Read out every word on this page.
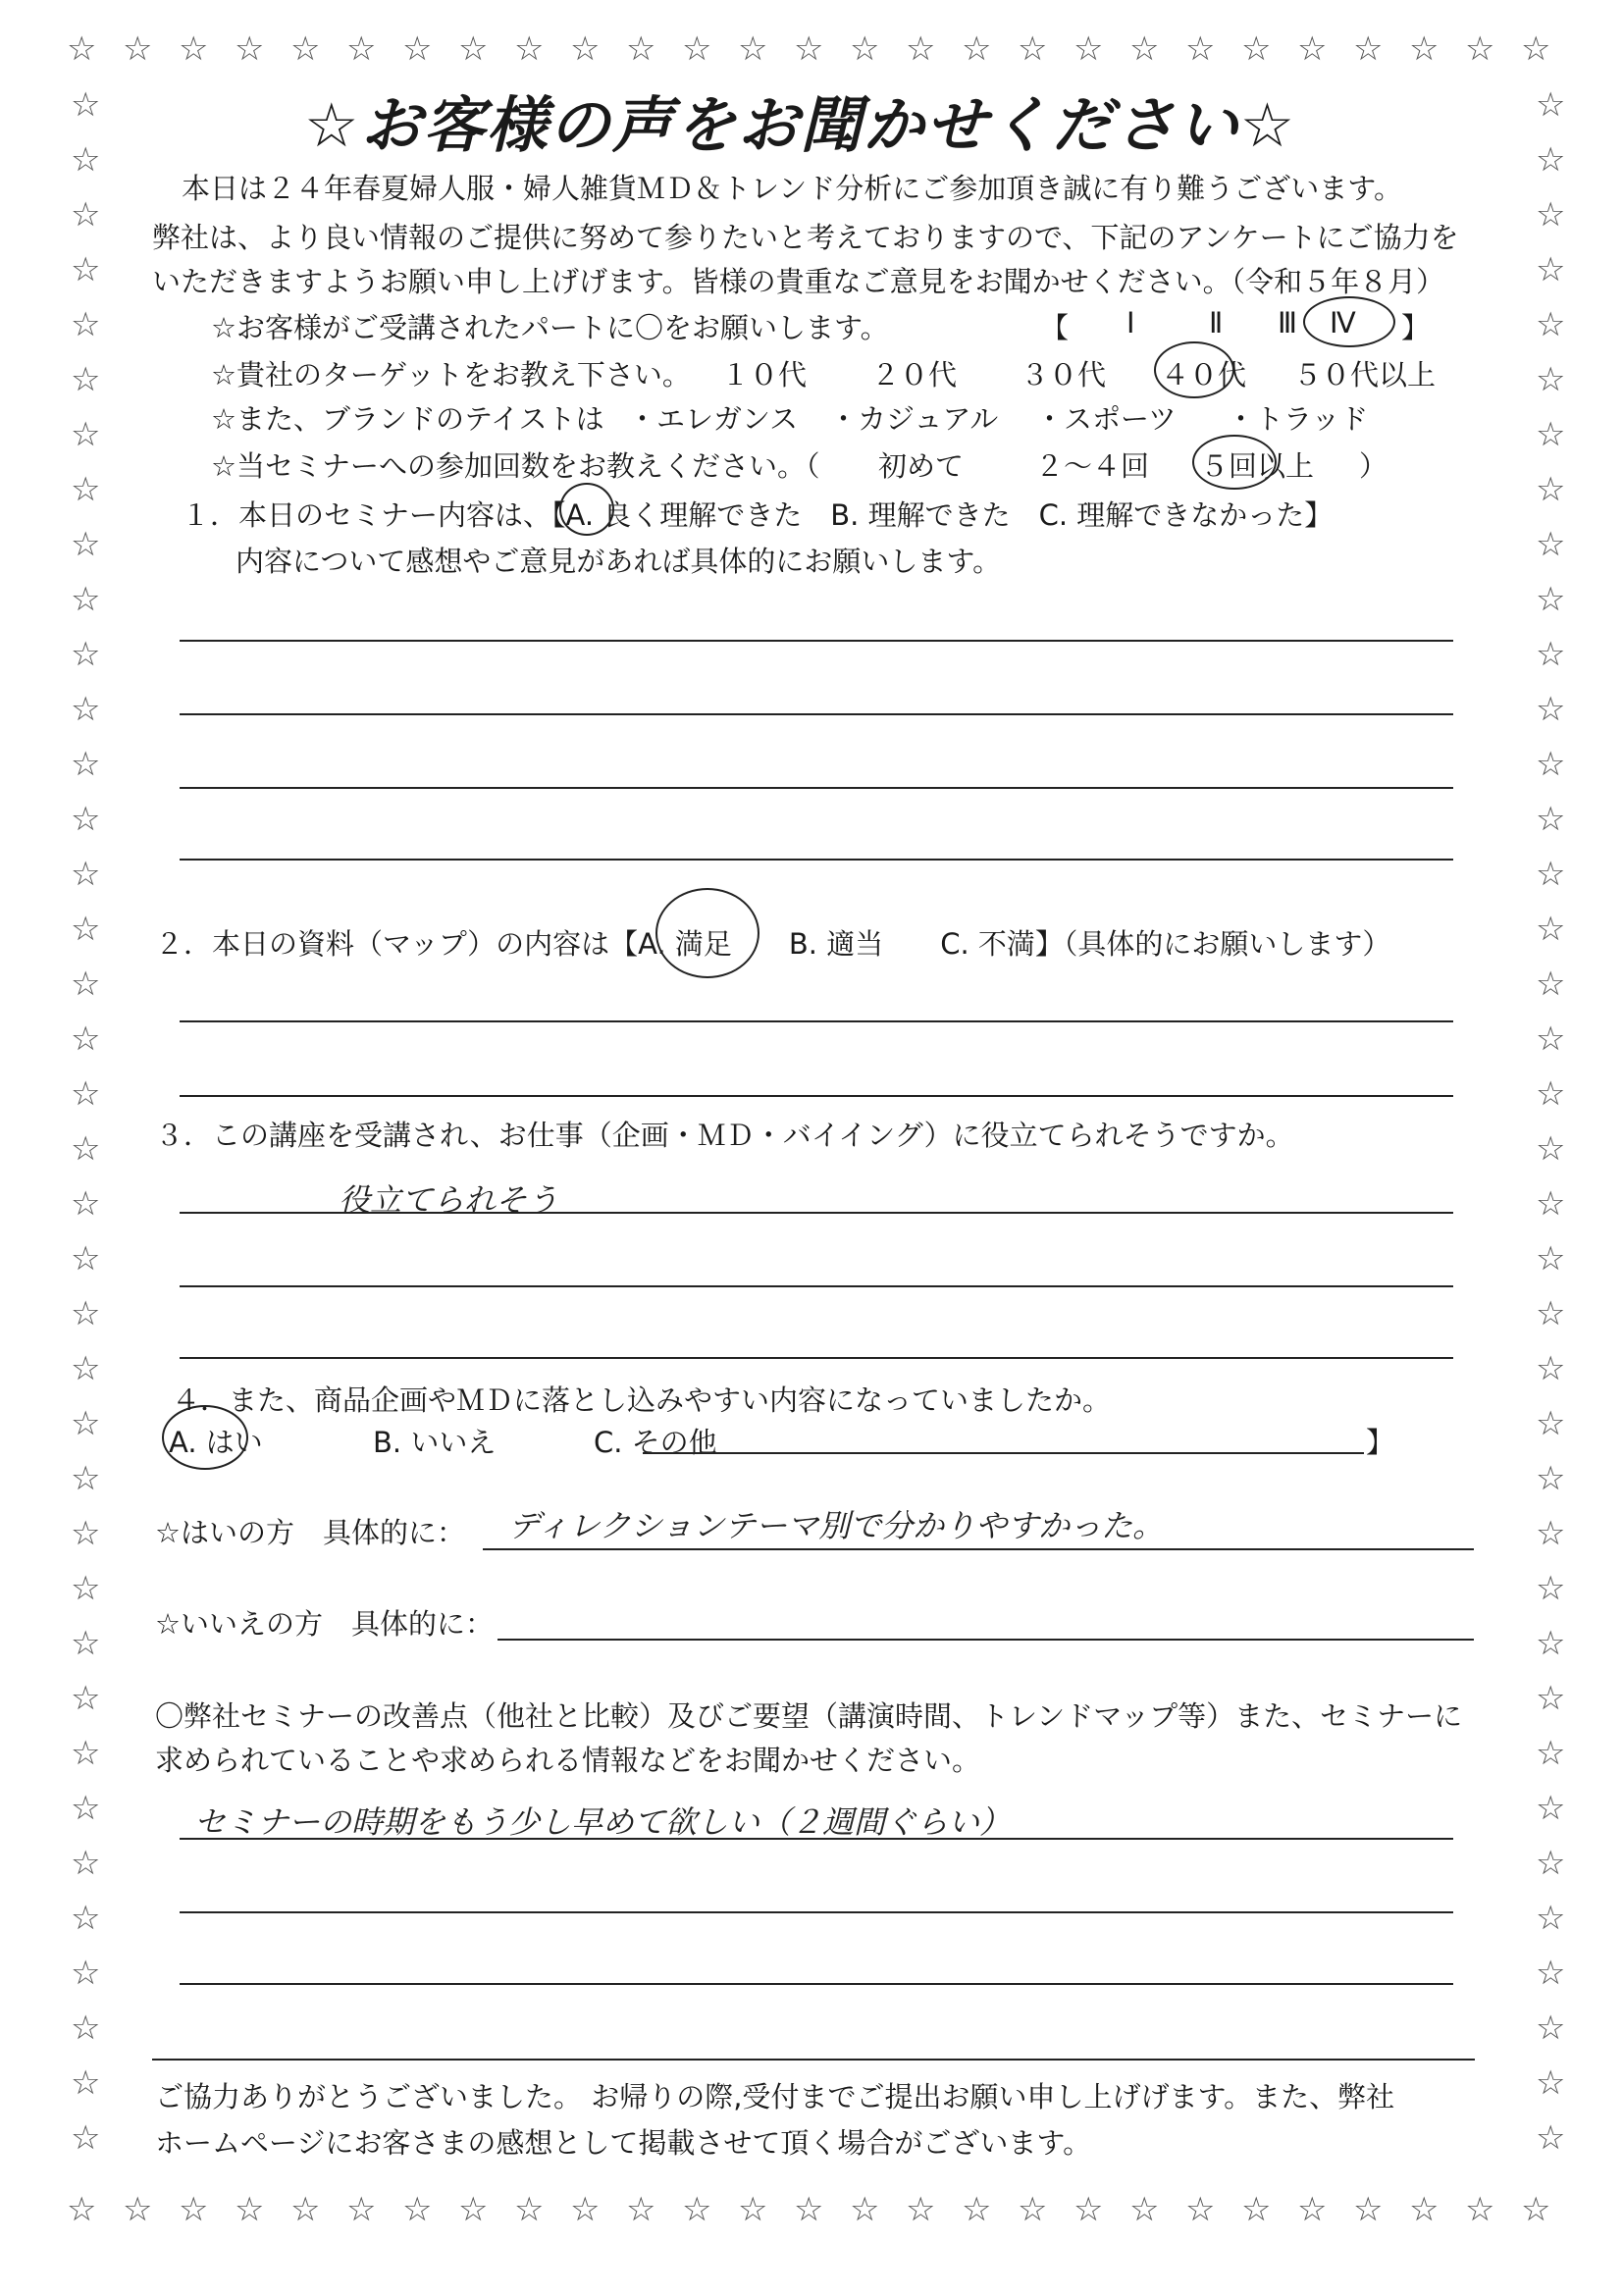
☆
☆
☆
☆
☆
☆
☆
☆
☆
☆
☆
☆
☆
☆
☆
☆
☆
☆
☆
☆
☆
☆
☆
☆
☆
☆
☆
☆
☆
☆
☆
☆
☆
☆
☆
☆
☆
☆
☆
☆
☆
☆
☆
☆
☆
☆
☆
☆
☆
☆
☆
☆
☆
☆
☆	☆
☆	☆
☆	☆
☆	☆
☆	☆
☆	☆
☆	☆
☆	☆
☆	☆
☆	☆
☆	☆
☆	☆
☆	☆
☆	☆
☆	☆
☆	☆
☆	☆
☆	☆
☆	☆
☆	☆
☆	☆
☆	☆
☆	☆
☆	☆
☆	☆
☆	☆
☆	☆
☆	☆
☆	☆
☆	☆
☆	☆
☆	☆
☆	☆
☆	☆
☆	☆
☆	☆
☆	☆
☆	☆
☆お客様の声をお聞かせください☆
本日は２４年春夏婦人服・婦人雑貨ＭＤ＆トレンド分析にご参加頂き誠に有り難うございます。
弊社は、より良い情報のご提供に努めて参りたいと考えておりますので、下記のアンケートにご協力を
いただきますようお願い申し上げげます。皆様の貴重なご意見をお聞かせください。（令和５年８月）
☆お客様がご受講されたパートに〇をお願いします。	【 Ⅰ	Ⅱ Ⅲ Ⅳ 】
☆貴社のターゲットをお教え下さい。 １０代 ２０代 ３０代 ４０代 ５０代以上
☆また、ブランドのテイストは ・エレガンス ・カジュアル ・スポーツ ・トラッド
☆当セミナーへの参加回数をお教えください。（ 初めて	２～４回 ５回以上 ）
１．本日のセミナー内容は、【A. 良く理解できた　B. 理解できた　C. 理解できなかった】
内容について感想やご意見があれば具体的にお願いします。
２．本日の資料（マップ）の内容は【A. 満足　　B. 適当　　C. 不満】（具体的にお願いします）
３．この講座を受講され、お仕事（企画・ＭＤ・バイイング）に役立てられそうですか。
役立てられそう
４．また、商品企画やＭＤに落とし込みやすい内容になっていましたか。
A. はい	B. いいえ	C. その他	】
☆はいの方　具体的に： ディレクションテーマ別で分かりやすかった。
☆いいえの方　具体的に：
〇弊社セミナーの改善点（他社と比較）及びご要望（講演時間、トレンドマップ等）また、セミナーに
求められていることや求められる情報などをお聞かせください。
セミナーの時期をもう少し早めて欲しい（２週間ぐらい）
ご協力ありがとうございました。 お帰りの際,受付までご提出お願い申し上げげます。また、弊社
ホームページにお客さまの感想として掲載させて頂く場合がございます。
